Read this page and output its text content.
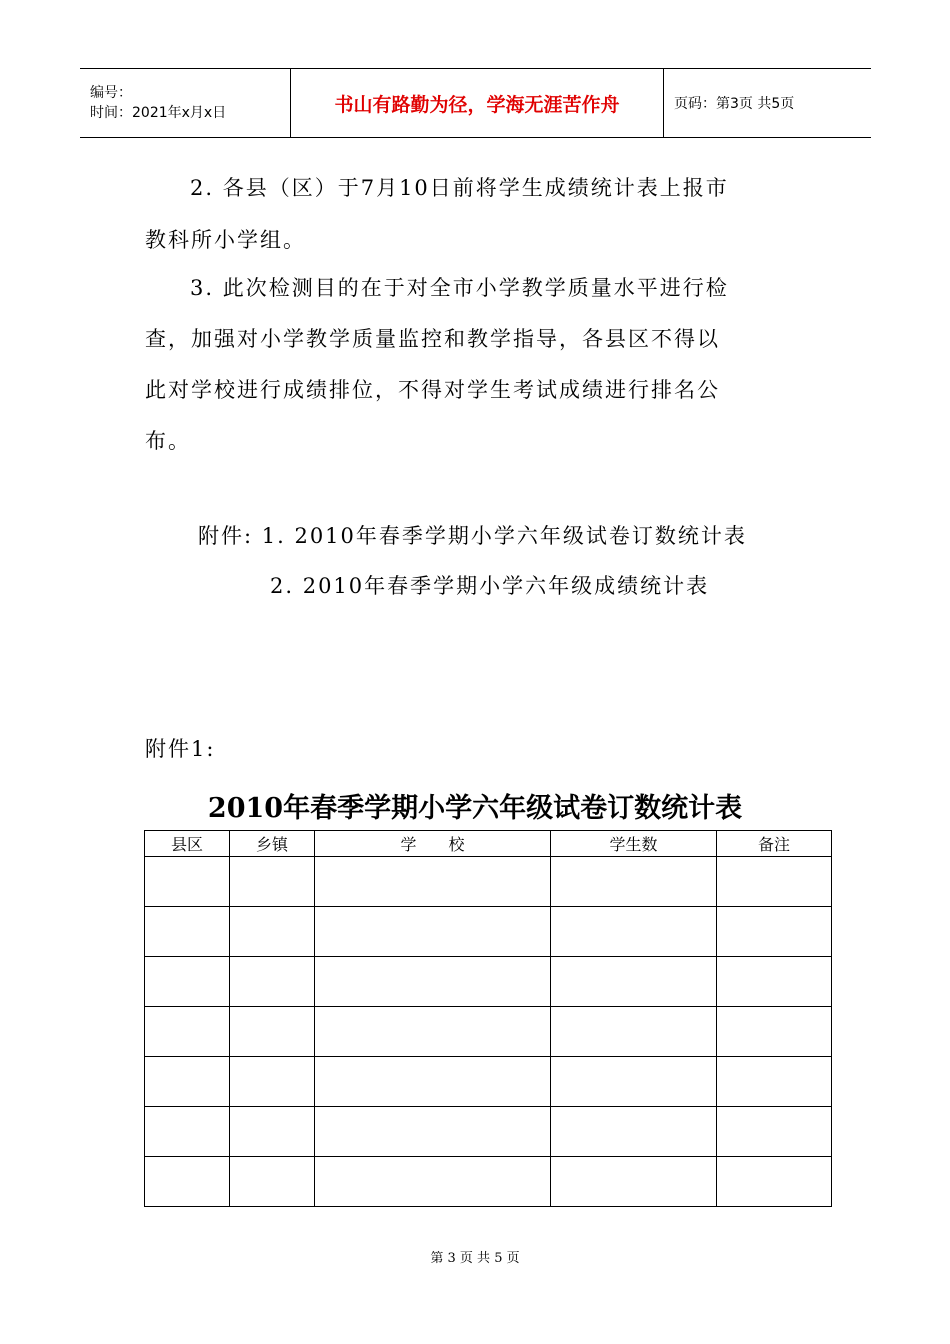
编号：
时间：2021年x月x日	书山有路勤为径，学海无涯苦作舟	页码：第3页 共5页

2. 各县（区）于7月10日前将学生成绩统计表上报市

教科所小学组。

3. 此次检测目的在于对全市小学教学质量水平进行检

查，加强对小学教学质量监控和教学指导，各县区不得以

此对学校进行成绩排位，不得对学生考试成绩进行排名公

布。

附件: 1. 2010年春季学期小学六年级试卷订数统计表

2. 2010年春季学期小学六年级成绩统计表

附件1:

2010年春季学期小学六年级试卷订数统计表
县区	乡镇	学　　校	学生数	备注

第 3 页 共 5 页
